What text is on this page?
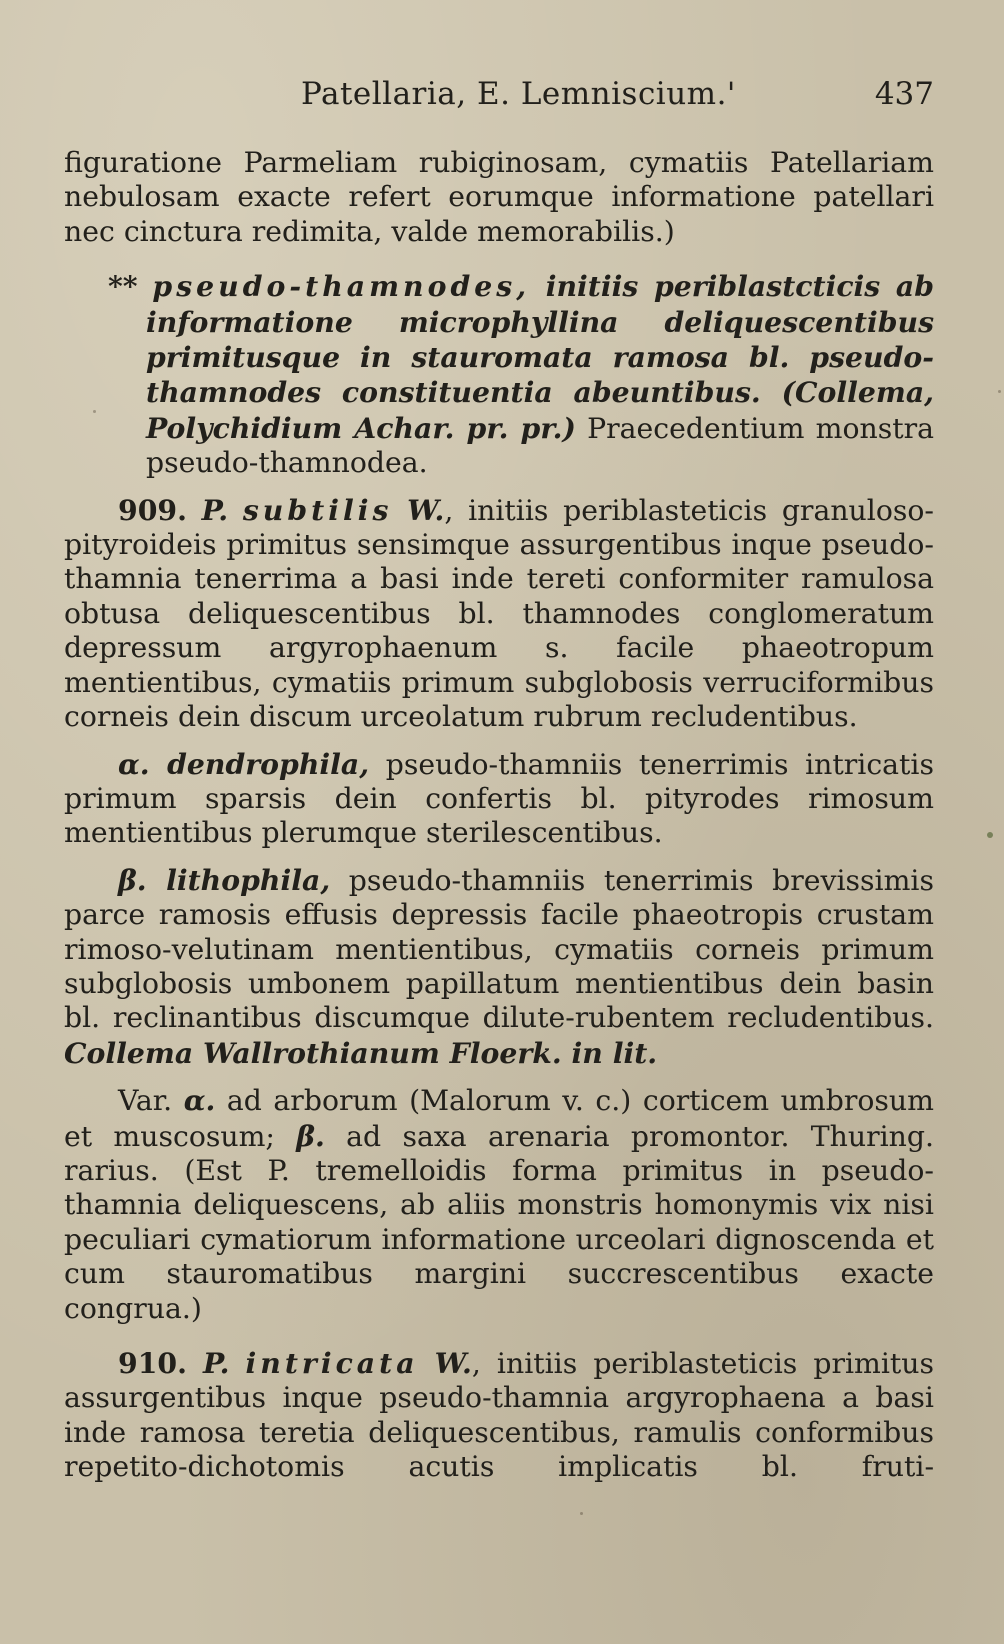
Patellaria, E. Lemniscium.'	437

figuratione Parmeliam rubiginosam, cymatiis Patellariam nebulosam exacte refert eorumque informatione patellari nec cinctura redimita, valde memorabilis.)

** pseudo-thamnodes, initiis periblastcticis ab informatione microphyllina deliquescentibus primitusque in stauromata ramosa bl. pseudo-thamnodes constituentia abeuntibus. (Collema, Polychidium Achar. pr. pr.) Praecedentium monstra pseudo-thamnodea.

909. P. subtilis W., initiis periblasteticis granuloso-pityroideis primitus sensimque assurgentibus inque pseudo-thamnia tenerrima a basi inde tereti conformiter ramulosa obtusa deliquescentibus bl. thamnodes conglomeratum depressum argyrophaenum s. facile phaeotropum mentientibus, cymatiis primum subglobosis verruciformibus corneis dein discum urceolatum rubrum recludentibus.

α. dendrophila, pseudo-thamniis tenerrimis intricatis primum sparsis dein confertis bl. pityrodes rimosum mentientibus plerumque sterilescentibus.

β. lithophila, pseudo-thamniis tenerrimis brevissimis parce ramosis effusis depressis facile phaeotropis crustam rimoso-velutinam mentientibus, cymatiis corneis primum subglobosis umbonem papillatum mentientibus dein basin bl. reclinantibus discumque dilute-rubentem recludentibus. Collema Wallrothianum Floerk. in lit.

Var. α. ad arborum (Malorum v. c.) corticem umbrosum et muscosum; β. ad saxa arenaria promontor. Thuring. rarius. (Est P. tremelloidis forma primitus in pseudo-thamnia deliquescens, ab aliis monstris homonymis vix nisi peculiari cymatiorum informatione urceolari dignoscenda et cum stauromatibus margini succrescentibus exacte congrua.)

910. P. intricata W., initiis periblasteticis primitus assurgentibus inque pseudo-thamnia argyrophaena a basi inde ramosa teretia deliquescentibus, ramulis conformibus repetito-dichotomis acutis implicatis bl. fruti-
